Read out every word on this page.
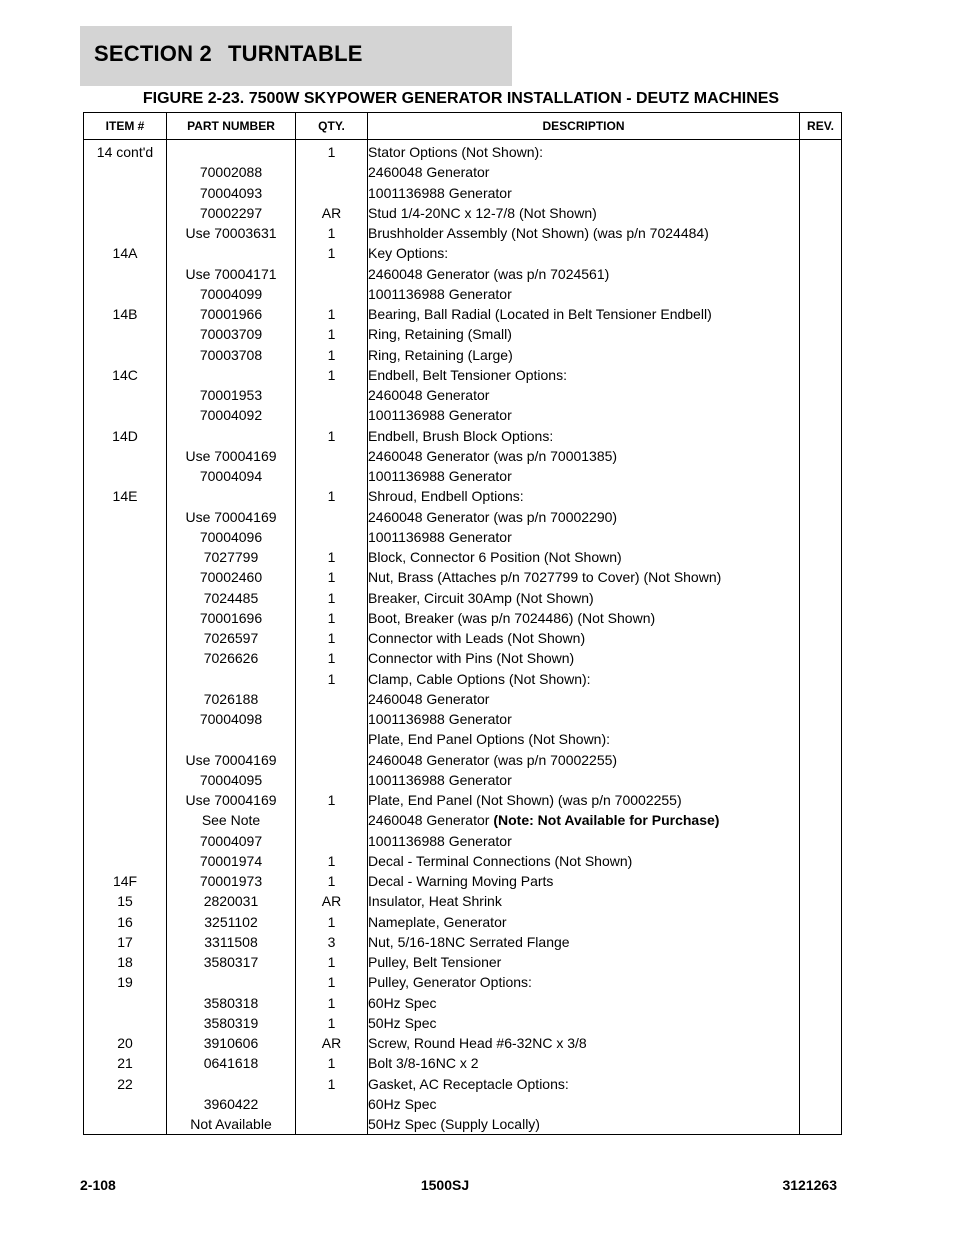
SECTION 2 TURNTABLE
FIGURE 2-23. 7500W SKYPOWER GENERATOR INSTALLATION - DEUTZ MACHINES
ITEM #	PART NUMBER	QTY.	DESCRIPTION	REV.
14 cont'd		1	Stator Options (Not Shown):	
	70002088		2460048 Generator	
	70004093		1001136988 Generator	
	70002297	AR	Stud 1/4-20NC x 12-7/8 (Not Shown)	
	Use 70003631	1	Brushholder Assembly (Not Shown) (was p/n 7024484)	
14A		1	Key Options:	
	Use 70004171		2460048 Generator (was p/n 7024561)	
	70004099		1001136988 Generator	
14B	70001966	1	Bearing, Ball Radial (Located in Belt Tensioner Endbell)	
	70003709	1	Ring, Retaining (Small)	
	70003708	1	Ring, Retaining (Large)	
14C		1	Endbell, Belt Tensioner Options:	
	70001953		2460048 Generator	
	70004092		1001136988 Generator	
14D		1	Endbell, Brush Block Options:	
	Use 70004169		2460048 Generator (was p/n 70001385)	
	70004094		1001136988 Generator	
14E		1	Shroud, Endbell Options:	
	Use 70004169		2460048 Generator (was p/n 70002290)	
	70004096		1001136988 Generator	
	7027799	1	Block, Connector 6 Position (Not Shown)	
	70002460	1	Nut, Brass (Attaches p/n 7027799 to Cover) (Not Shown)	
	7024485	1	Breaker, Circuit 30Amp (Not Shown)	
	70001696	1	Boot, Breaker (was p/n 7024486) (Not Shown)	
	7026597	1	Connector with Leads (Not Shown)	
	7026626	1	Connector with Pins (Not Shown)	
		1	Clamp, Cable Options (Not Shown):	
	7026188		2460048 Generator	
	70004098		1001136988 Generator	
			Plate, End Panel Options (Not Shown):	
	Use 70004169		2460048 Generator (was p/n 70002255)	
	70004095		1001136988 Generator	
	Use 70004169	1	Plate, End Panel (Not Shown) (was p/n 70002255)	
	See Note		2460048 Generator (Note: Not Available for Purchase)	
	70004097		1001136988 Generator	
	70001974	1	Decal - Terminal Connections (Not Shown)	
14F	70001973	1	Decal - Warning Moving Parts	
15	2820031	AR	Insulator, Heat Shrink	
16	3251102	1	Nameplate, Generator	
17	3311508	3	Nut, 5/16-18NC Serrated Flange	
18	3580317	1	Pulley, Belt Tensioner	
19		1	Pulley, Generator Options:	
	3580318	1	60Hz Spec	
	3580319	1	50Hz Spec	
20	3910606	AR	Screw, Round Head #6-32NC x 3/8	
21	0641618	1	Bolt 3/8-16NC x 2	
22		1	Gasket, AC Receptacle Options:	
	3960422		60Hz Spec	
	Not Available		50Hz Spec (Supply Locally)	
2-108	1500SJ	3121263
